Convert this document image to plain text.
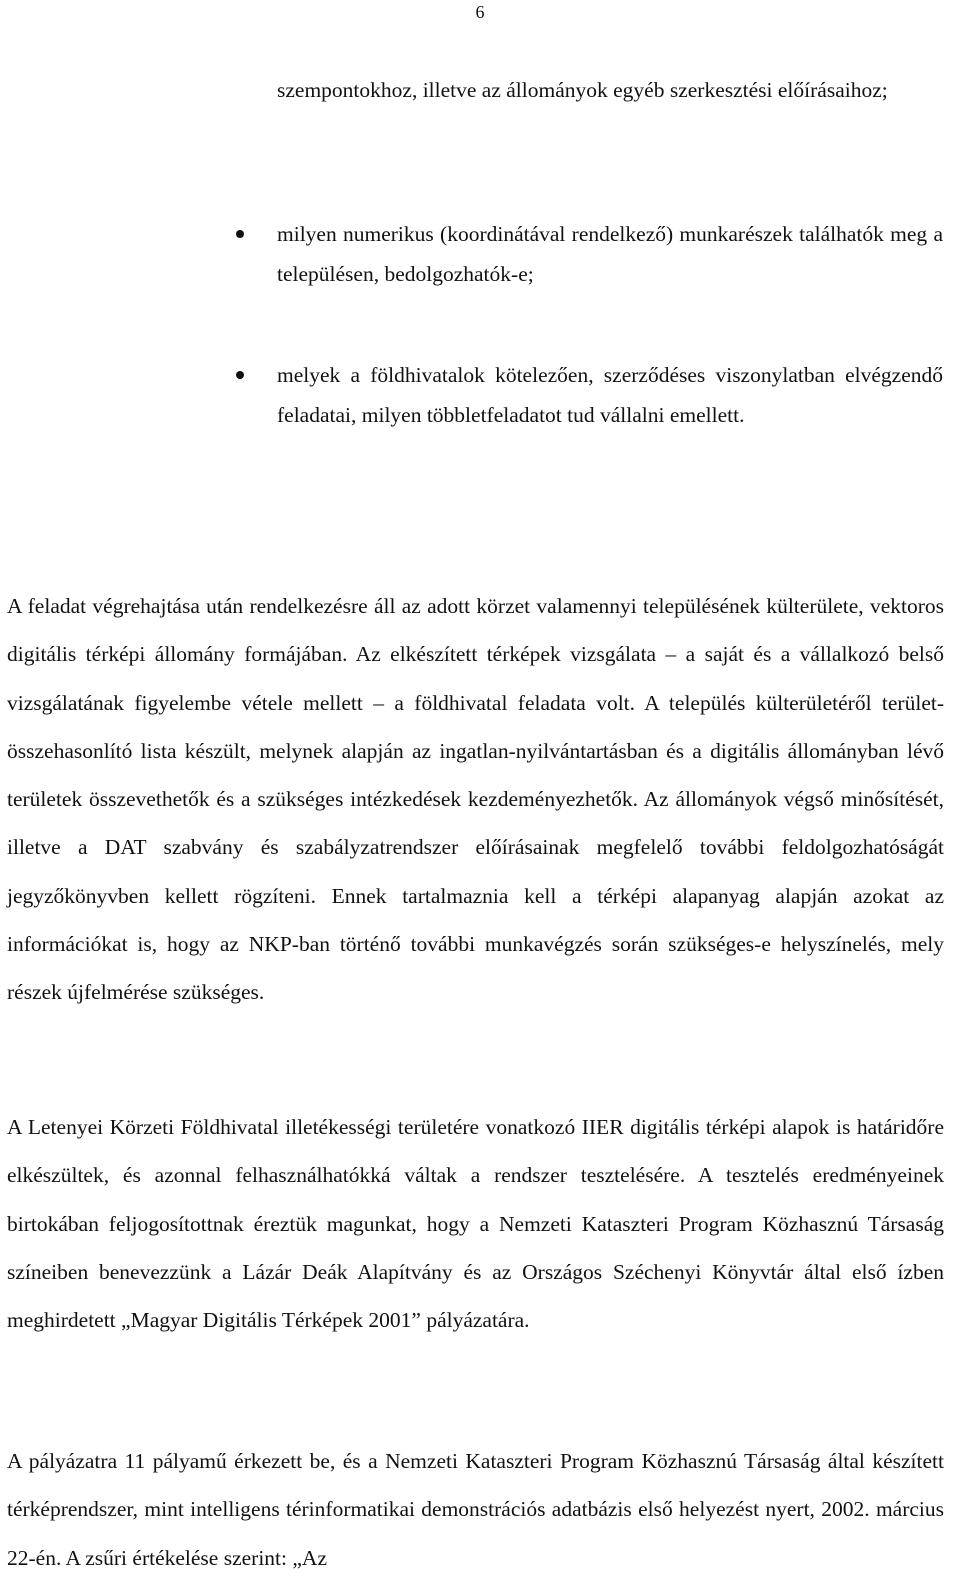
6
szempontokhoz, illetve az állományok egyéb szerkesztési előírásaihoz;
milyen numerikus (koordinátával rendelkező) munkarészek találhatók meg a településen, bedolgozhatók-e;
melyek a földhivatalok kötelezően, szerződéses viszonylatban elvégzendő feladatai, milyen többletfeladatot tud vállalni emellett.

A feladat végrehajtása után rendelkezésre áll az adott körzet valamennyi településének külterülete, vektoros digitális térképi állomány formájában. Az elkészített térképek vizsgálata – a saját és a vállalkozó belső vizsgálatának figyelembe vétele mellett – a földhivatal feladata volt. A település külterületéről terület-összehasonlító lista készült, melynek alapján az ingatlan-nyilvántartásban és a digitális állományban lévő területek összevethetők és a szükséges intézkedések kezdeményezhetők. Az állományok végső minősítését, illetve a DAT szabvány és szabályzatrendszer előírásainak megfelelő további feldolgozhatóságát jegyzőkönyvben kellett rögzíteni. Ennek tartalmaznia kell a térképi alapanyag alapján azokat az információkat is, hogy az NKP-ban történő további munkavégzés során szükséges-e helyszínelés, mely részek újfelmérése szükséges.

A Letenyei Körzeti Földhivatal illetékességi területére vonatkozó IIER digitális térképi alapok is határidőre elkészültek, és azonnal felhasználhatókká váltak a rendszer tesztelésére. A tesztelés eredményeinek birtokában feljogosítottnak éreztük magunkat, hogy a Nemzeti Kataszteri Program Közhasznú Társaság színeiben benevezzünk a Lázár Deák Alapítvány és az Országos Széchenyi Könyvtár által első ízben meghirdetett „Magyar Digitális Térképek 2001” pályázatára.

A pályázatra 11 pályamű érkezett be, és a Nemzeti Kataszteri Program Közhasznú Társaság által készített térképrendszer, mint intelligens térinformatikai demonstrációs adatbázis első helyezést nyert, 2002. március 22-én. A zsűri értékelése szerint: „Az
